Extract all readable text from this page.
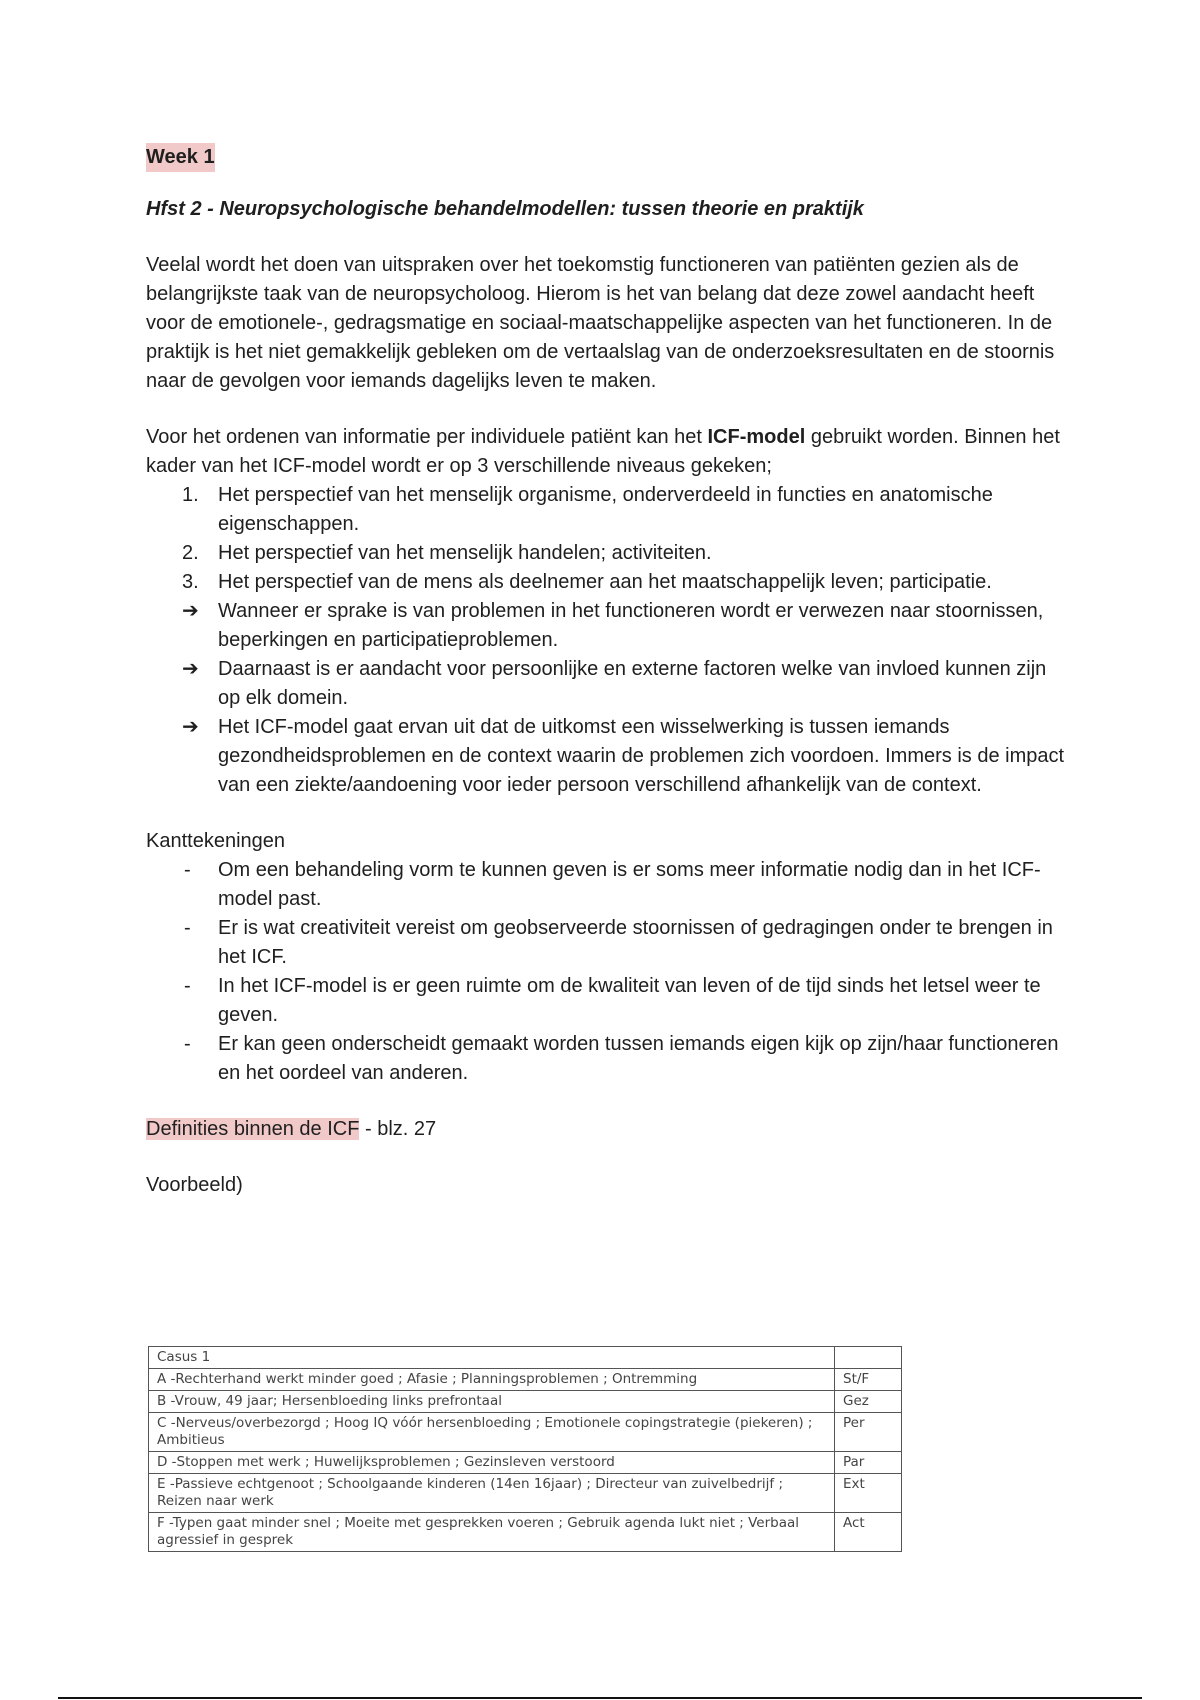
Week 1
Hfst 2 - Neuropsychologische behandelmodellen: tussen theorie en praktijk

Veelal wordt het doen van uitspraken over het toekomstig functioneren van patiënten gezien als de belangrijkste taak van de neuropsycholoog. Hierom is het van belang dat deze zowel aandacht heeft voor de emotionele-, gedragsmatige en sociaal-maatschappelijke aspecten van het functioneren. In de praktijk is het niet gemakkelijk gebleken om de vertaalslag van de onderzoeksresultaten en de stoornis naar de gevolgen voor iemands dagelijks leven te maken.

Voor het ordenen van informatie per individuele patiënt kan het ICF-model gebruikt worden. Binnen het kader van het ICF-model wordt er op 3 verschillende niveaus gekeken;

1. Het perspectief van het menselijk organisme, onderverdeeld in functies en anatomische eigenschappen.
2. Het perspectief van het menselijk handelen; activiteiten.
3. Het perspectief van de mens als deelnemer aan het maatschappelijk leven; participatie.
➔ Wanneer er sprake is van problemen in het functioneren wordt er verwezen naar stoornissen, beperkingen en participatieproblemen.
➔ Daarnaast is er aandacht voor persoonlijke en externe factoren welke van invloed kunnen zijn op elk domein.
➔ Het ICF-model gaat ervan uit dat de uitkomst een wisselwerking is tussen iemands gezondheidsproblemen en de context waarin de problemen zich voordoen. Immers is de impact van een ziekte/aandoening voor ieder persoon verschillend afhankelijk van de context.

Kanttekeningen

-	Om een behandeling vorm te kunnen geven is er soms meer informatie nodig dan in het ICF-model past.
-	Er is wat creativiteit vereist om geobserveerde stoornissen of gedragingen onder te brengen in het ICF.
-	In het ICF-model is er geen ruimte om de kwaliteit van leven of de tijd sinds het letsel weer te geven.
-	Er kan geen onderscheidt gemaakt worden tussen iemands eigen kijk op zijn/haar functioneren en het oordeel van anderen.

Definities binnen de ICF - blz. 27

Voorbeeld)

Casus 1	
A -Rechterhand werkt minder goed ; Afasie ; Planningsproblemen ; Ontremming	St/F
B -Vrouw, 49 jaar; Hersenbloeding links prefrontaal	Gez
C -Nerveus/overbezorgd ; Hoog IQ vóór hersenbloeding ; Emotionele copingstrategie (piekeren) ; Ambitieus	Per
D -Stoppen met werk ; Huwelijksproblemen ; Gezinsleven verstoord	Par
E -Passieve echtgenoot ; Schoolgaande kinderen (14en 16jaar) ; Directeur van zuivelbedrijf ; Reizen naar werk	Ext
F -Typen gaat minder snel ; Moeite met gesprekken voeren ; Gebruik agenda lukt niet ; Verbaal agressief in gesprek	Act
